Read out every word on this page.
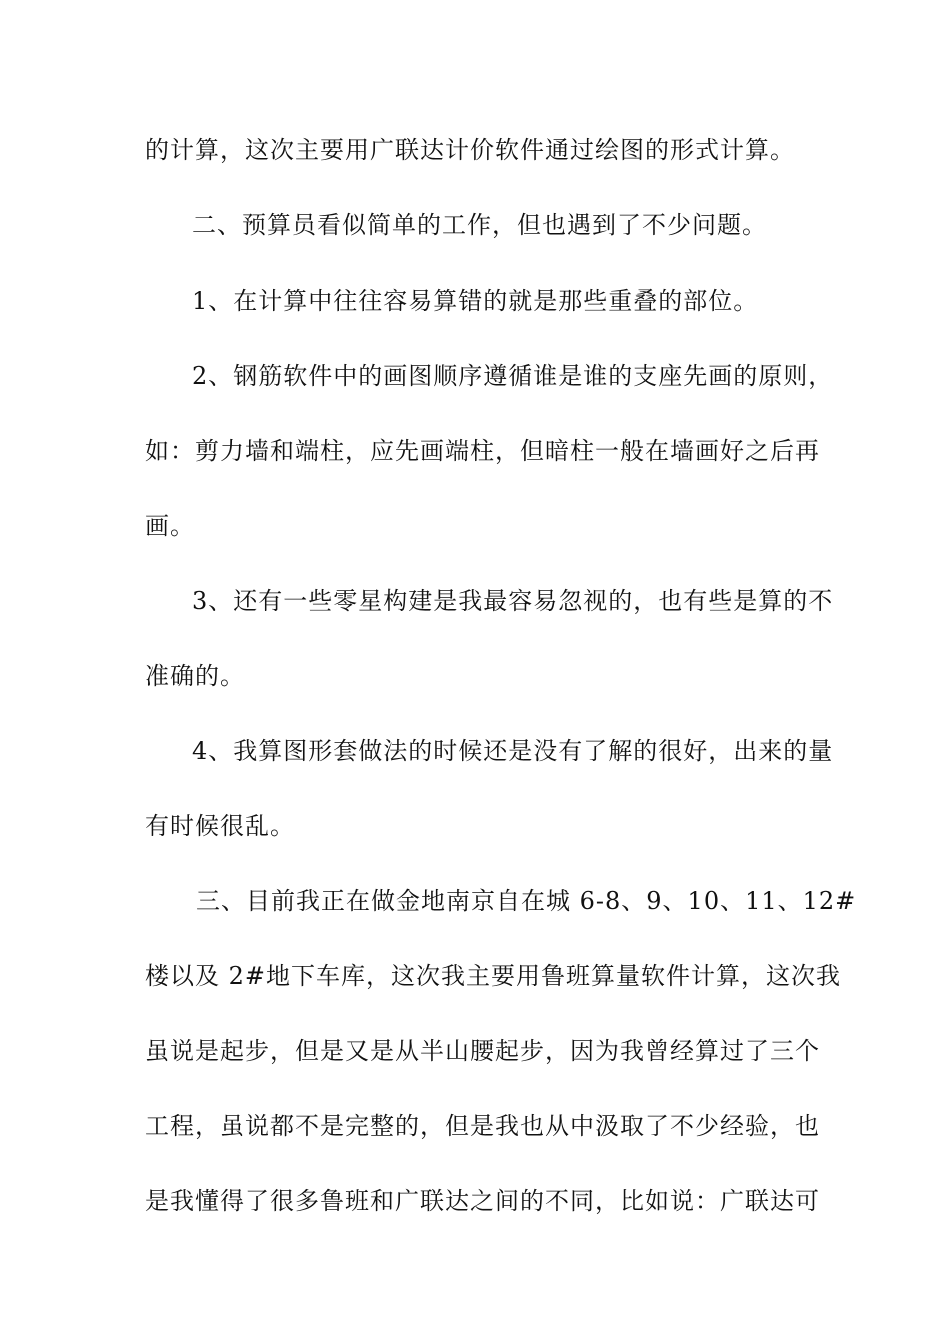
的计算，这次主要用广联达计价软件通过绘图的形式计算。
二、预算员看似简单的工作，但也遇到了不少问题。
1、在计算中往往容易算错的就是那些重叠的部位。
2、钢筋软件中的画图顺序遵循谁是谁的支座先画的原则，
如：剪力墙和端柱，应先画端柱，但暗柱一般在墙画好之后再
画。
3、还有一些零星构建是我最容易忽视的，也有些是算的不
准确的。
4、我算图形套做法的时候还是没有了解的很好，出来的量
有时候很乱。
三、目前我正在做金地南京自在城 6-8、9、10、11、12#
楼以及 2#地下车库，这次我主要用鲁班算量软件计算，这次我
虽说是起步，但是又是从半山腰起步，因为我曾经算过了三个
工程，虽说都不是完整的，但是我也从中汲取了不少经验，也
是我懂得了很多鲁班和广联达之间的不同，比如说：广联达可
